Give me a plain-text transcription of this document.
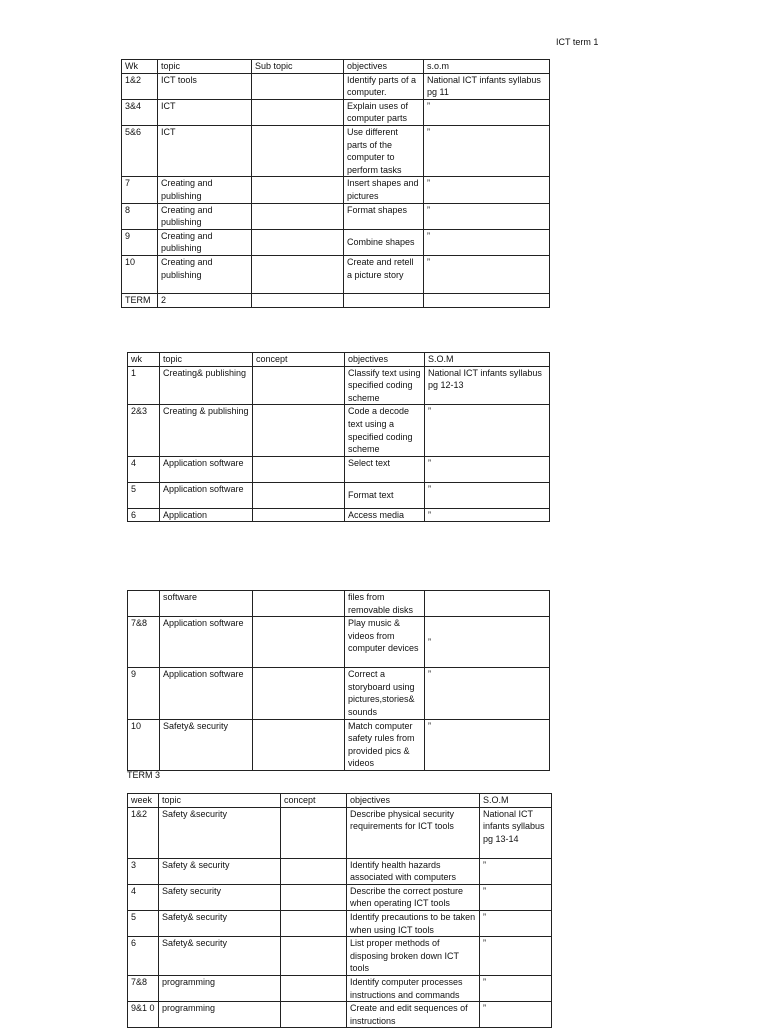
ICT term 1
Wk	topic	Sub topic	objectives	s.o.m
1&2	ICT tools		Identify parts of a computer.	National ICT infants syllabus pg 11
3&4	ICT		Explain uses of computer parts	”
5&6	ICT		Use different parts of the computer to perform tasks	”
7	Creating and publishing		Insert shapes and pictures	”
8	Creating and publishing		Format shapes	”
9	Creating and publishing		Combine shapes	”
10	Creating and publishing		Create and retell a picture story	”
TERM	2			
wk	topic	concept	objectives	S.O.M
1	Creating& publishing		Classify text using specified coding scheme	National ICT infants syllabus pg 12-13
2&3	Creating & publishing		Code a decode text using a specified coding scheme	”
4	Application software		Select text	”
5	Application software		Format text	”
6	Application		Access media	”
	software		files from removable disks	
7&8	Application software		Play music & videos from computer devices	”
9	Application software		Correct a storyboard using pictures,stories& sounds	”
10	Safety& security		Match computer safety rules from provided pics & videos	”
TERM 3
week	topic	concept	objectives	S.O.M
1&2	Safety &security		Describe physical security requirements for ICT tools	National ICT infants syllabus pg 13-14
3	Safety & security		Identify health hazards associated with computers	”
4	Safety security		Describe the correct posture when operating ICT tools	”
5	Safety& security		Identify precautions to be taken when using ICT tools	”
6	Safety& security		List proper methods of disposing broken down ICT tools	”
7&8	programming		Identify computer processes instructions and commands	”
9&1 0	programming		Create and edit sequences of instructions	”
